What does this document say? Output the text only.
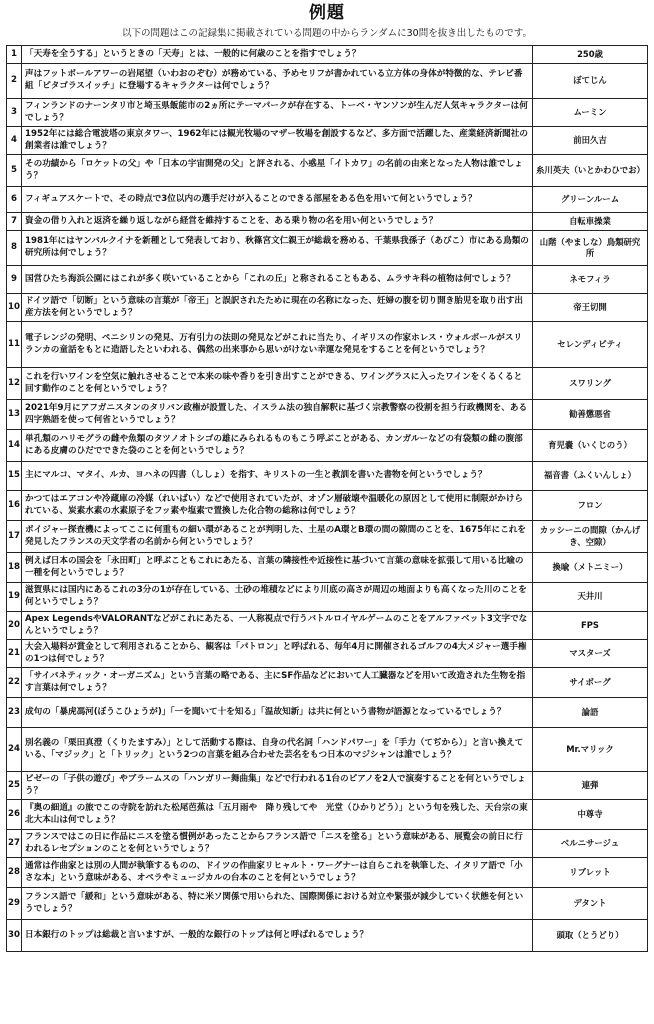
例題
以下の問題はこの記録集に掲載されている問題の中からランダムに30問を抜き出したものです。
1	「天寿を全うする」というときの「天寿」とは、一般的に何歳のことを指すでしょう？	250歳
2	声はフットボールアワーの岩尾望（いわおのぞむ）が務めている、予めセリフが書かれている立方体の身体が特徴的な、テレビ番組「ピタゴラスイッチ」に登場するキャラクターは何でしょう？	ぼてじん
3	フィンランドのナーンタリ市と埼玉県飯能市の2ヵ所にテーマパークが存在する、トーベ・ヤンソンが生んだ人気キャラクターは何でしょう？	ムーミン
4	1952年には総合電波塔の東京タワー、1962年には観光牧場のマザー牧場を創設するなど、多方面で活躍した、産業経済新聞社の創業者は誰でしょう？	前田久吉
5	その功績から「ロケットの父」や「日本の宇宙開発の父」と評される、小惑星「イトカワ」の名前の由来となった人物は誰でしょう？	糸川英夫（いとかわひでお）
6	フィギュアスケートで、その時点で3位以内の選手だけが入ることのできる部屋をある色を用いて何というでしょう？	グリーンルーム
7	資金の借り入れと返済を繰り返しながら経営を維持することを、ある乗り物の名を用い何というでしょう？	自転車操業
8	1981年にはヤンバルクイナを新種として発表しており、秋篠宮文仁親王が総裁を務める、千葉県我孫子（あびこ）市にある鳥類の研究所は何でしょう？	山階（やましな）鳥類研究所
9	国営ひたち海浜公園にはこれが多く咲いていることから「これの丘」と称されることもある、ムラサキ科の植物は何でしょう？	ネモフィラ
10	ドイツ語で「切断」という意味の言葉が「帝王」と誤訳されたために現在の名称になった、妊婦の腹を切り開き胎児を取り出す出産方法を何というでしょう？	帝王切開
11	電子レンジの発明、ペニシリンの発見、万有引力の法則の発見などがこれに当たり、イギリスの作家ホレス・ウォルポールがスリランカの童話をもとに造語したといわれる、偶然の出来事から思いがけない幸運な発見をすることを何というでしょう？	セレンディピティ
12	これを行いワインを空気に触れさせることで本来の味や香りを引き出すことができる、ワイングラスに入ったワインをくるくると回す動作のことを何というでしょう？	スワリング
13	2021年9月にアフガニスタンのタリバン政権が設置した、イスラム法の独自解釈に基づく宗教警察の役割を担う行政機関を、ある四字熟語を使って何省というでしょう？	勧善懲悪省
14	単孔類のハリモグラの雌や魚類のタツノオトシゴの雄にみられるものもこう呼ぶことがある、カンガルーなどの有袋類の雌の腹部にある皮膚のひだでできた袋のことを何というでしょう？	育児嚢（いくじのう）
15	主にマルコ、マタイ、ルカ、ヨハネの四書（ししょ）を指す、キリストの一生と教訓を書いた書物を何というでしょう？	福音書（ふくいんしょ）
16	かつてはエアコンや冷蔵庫の冷媒（れいばい）などで使用されていたが、オゾン層破壊や温暖化の原因として使用に制限がかけられている、炭素水素の水素原子をフッ素や塩素で置換した化合物の総称は何でしょう？	フロン
17	ボイジャー探査機によってここに何重もの細い環があることが判明した、土星のA環とB環の間の隙間のことを、1675年にこれを発見したフランスの天文学者の名前から何というでしょう？	カッシーニの間隙（かんげき、空隙）
18	例えば日本の国会を「永田町」と呼ぶこともこれにあたる、言葉の隣接性や近接性に基づいて言葉の意味を拡張して用いる比喩の一種を何というでしょう？	換喩（メトニミー）
19	滋賀県には国内にあるこれの3分の1が存在している、土砂の堆積などにより川底の高さが周辺の地面よりも高くなった川のことを何というでしょう？	天井川
20	Apex LegendsやVALORANTなどがこれにあたる、一人称視点で行うバトルロイヤルゲームのことをアルファベット3文字でなんというでしょう？	FPS
21	大会入場料が賞金として利用されることから、観客は「パトロン」と呼ばれる、毎年4月に開催されるゴルフの4大メジャー選手権の1つは何でしょう？	マスターズ
22	「サイバネティック・オーガニズム」という言葉の略である、主にSF作品などにおいて人工臓器などを用いて改造された生物を指す言葉は何でしょう？	サイボーグ
23	成句の「暴虎馮河(ぼうこひょうが)」「一を聞いて十を知る」「温故知新」は共に何という書物が語源となっているでしょう？	論語
24	別名義の「栗田真澄（くりたますみ）」として活動する際は、自身の代名詞「ハンドパワー」を「手力（てぢから）」と言い換えている、「マジック」と「トリック」という2つの言葉を組み合わせた芸名をもつ日本のマジシャンは誰でしょう？	Mr.マリック
25	ビゼーの「子供の遊び」やブラームスの「ハンガリー舞曲集」などで行われる1台のピアノを2人で演奏することを何というでしょう？	連弾
26	『奥の細道』の旅でこの寺院を訪れた松尾芭蕉は「五月雨や　降り残してや　光堂（ひかりどう）」という句を残した、天台宗の東北大本山は何でしょう？	中尊寺
27	フランスではこの日に作品にニスを塗る慣例があったことからフランス語で「ニスを塗る」という意味がある、展覧会の前日に行われるレセプションのことを何というでしょう？	ベルニサージュ
28	通常は作曲家とは別の人間が執筆するものの、ドイツの作曲家リヒャルト・ワーグナーは自らこれを執筆した、イタリア語で「小さな本」という意味がある、オペラやミュージカルの台本のことを何というでしょう？	リブレット
29	フランス語で「緩和」という意味がある、特に米ソ関係で用いられた、国際関係における対立や緊張が減少していく状態を何というでしょう？	デタント
30	日本銀行のトップは総裁と言いますが、一般的な銀行のトップは何と呼ばれるでしょう？	頭取（とうどり）
